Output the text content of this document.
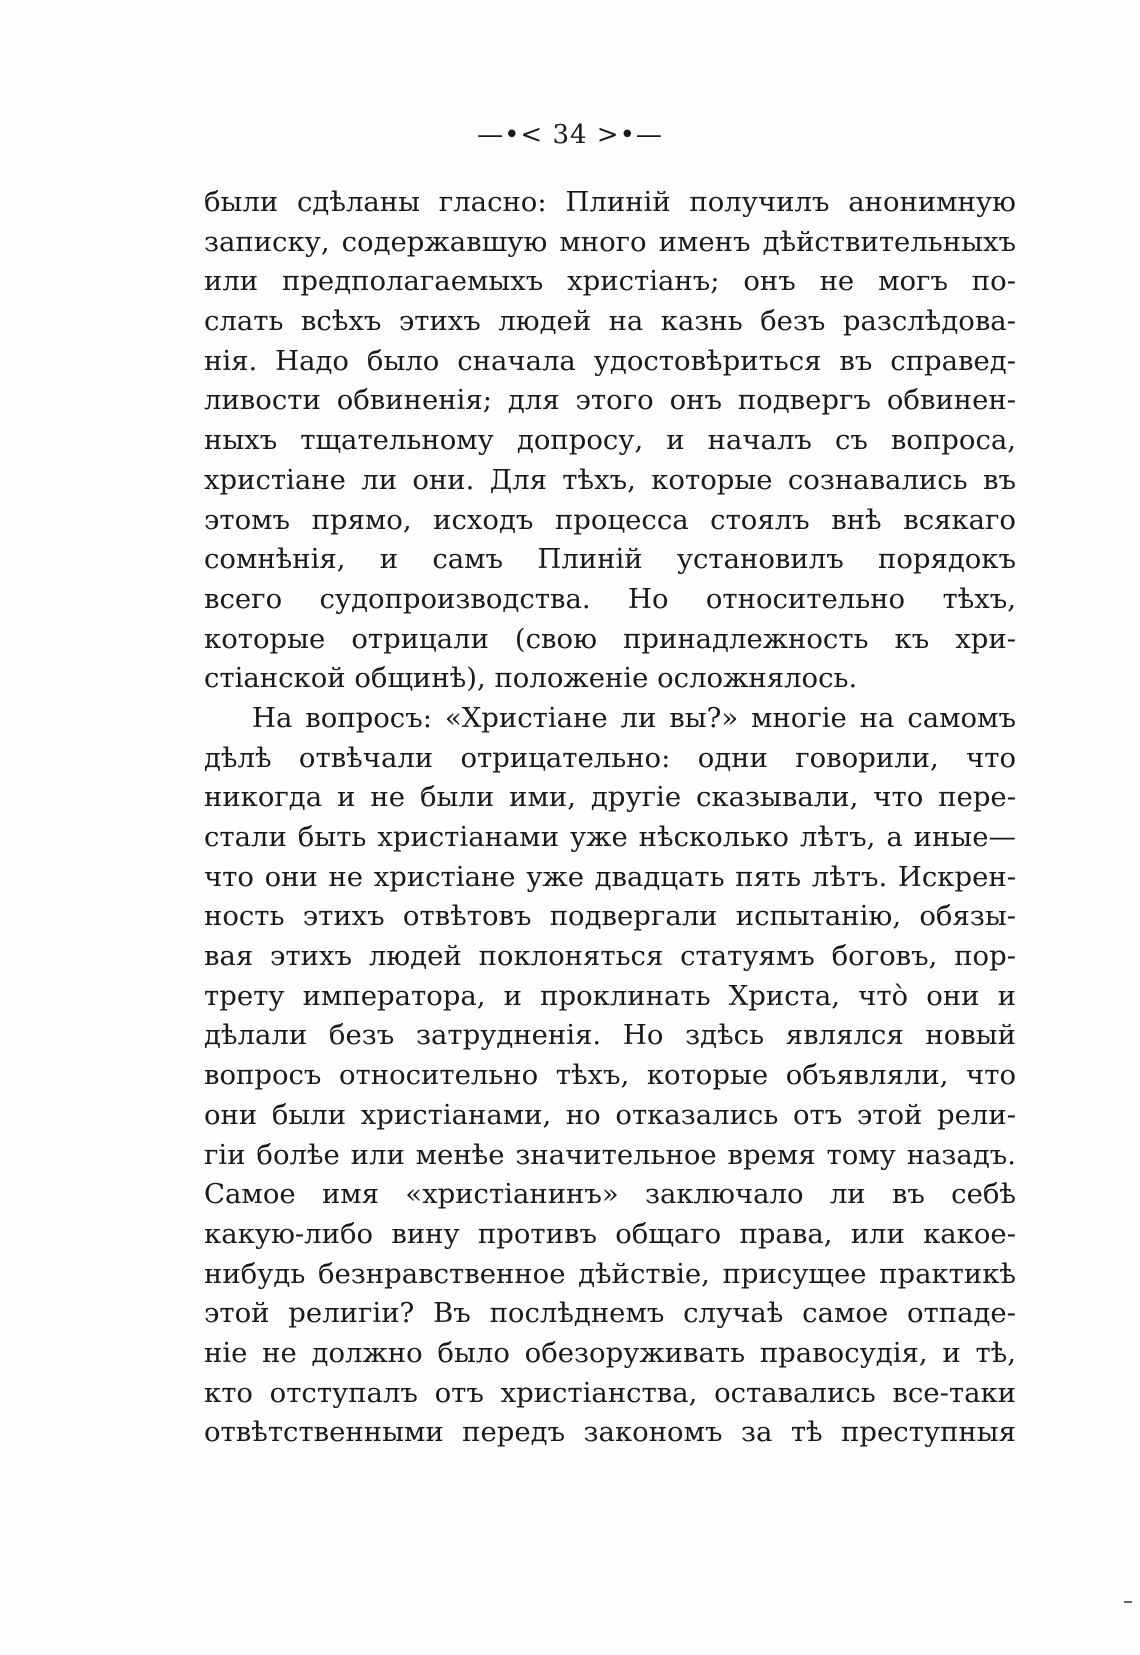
—•< 34 >•—
были сдѣланы гласно: Плиній получилъ анонимную
записку, содержавшую много именъ дѣйствительныхъ
или предполагаемыхъ христіанъ; онъ не могъ по-
слать всѣхъ этихъ людей на казнь безъ разслѣдова-
нія. Надо было сначала удостовѣриться въ справед-
ливости обвиненія; для этого онъ подвергъ обвинен-
ныхъ тщательному допросу, и началъ съ вопроса,
христіане ли они. Для тѣхъ, которые сознавались въ
этомъ прямо, исходъ процесса стоялъ внѣ всякаго
сомнѣнія, и самъ Плиній установилъ порядокъ
всего судопроизводства. Но относительно тѣхъ,
которые отрицали (свою принадлежность къ хри-
стіанской общинѣ), положеніе осложнялось.
На вопросъ: «Христіане ли вы?» многіе на самомъ
дѣлѣ отвѣчали отрицательно: одни говорили, что
никогда и не были ими, другіе сказывали, что пере-
стали быть христіанами уже нѣсколько лѣтъ, а иные—
что они не христіане уже двадцать пять лѣтъ. Искрен-
ность этихъ отвѣтовъ подвергали испытанію, обязы-
вая этихъ людей поклоняться статуямъ боговъ, пор-
трету императора, и проклинать Христа, что̀ они и
дѣлали безъ затрудненія. Но здѣсь являлся новый
вопросъ относительно тѣхъ, которые объявляли, что
они были христіанами, но отказались отъ этой рели-
гіи болѣе или менѣе значительное время тому назадъ.
Самое имя «христіанинъ» заключало ли въ себѣ
какую-либо вину противъ общаго права, или какое-
нибудь безнравственное дѣйствіе, присущее практикѣ
этой религіи? Въ послѣднемъ случаѣ самое отпаде-
ніе не должно было обезоруживать правосудія, и тѣ,
кто отступалъ отъ христіанства, оставались все-таки
отвѣтственными передъ закономъ за тѣ преступныя
